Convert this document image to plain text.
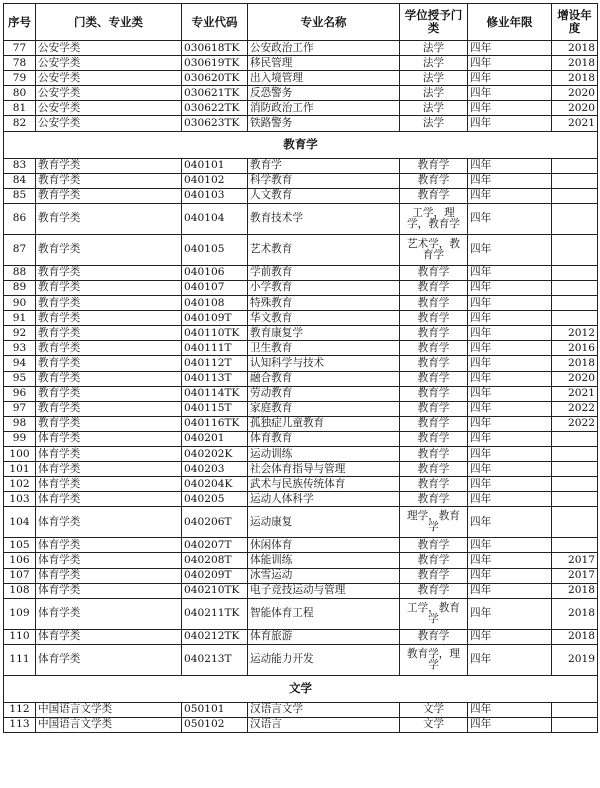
序号	门类、专业类	专业代码	专业名称	学位授予门类	修业年限	增设年度
77	公安学类	030618TK	公安政治工作	法学	四年	2018
78	公安学类	030619TK	移民管理	法学	四年	2018
79	公安学类	030620TK	出入境管理	法学	四年	2018
80	公安学类	030621TK	反恐警务	法学	四年	2020
81	公安学类	030622TK	消防政治工作	法学	四年	2020
82	公安学类	030623TK	铁路警务	法学	四年	2021
教育学						
83	教育学类	040101	教育学	教育学	四年	
84	教育学类	040102	科学教育	教育学	四年	
85	教育学类	040103	人文教育	教育学	四年	
86	教育学类	040104	教育技术学	工学，理学，教育学	四年	
87	教育学类	040105	艺术教育	艺术学，教育学	四年	
88	教育学类	040106	学前教育	教育学	四年	
89	教育学类	040107	小学教育	教育学	四年	
90	教育学类	040108	特殊教育	教育学	四年	
91	教育学类	040109T	华文教育	教育学	四年	
92	教育学类	040110TK	教育康复学	教育学	四年	2012
93	教育学类	040111T	卫生教育	教育学	四年	2016
94	教育学类	040112T	认知科学与技术	教育学	四年	2018
95	教育学类	040113T	融合教育	教育学	四年	2020
96	教育学类	040114TK	劳动教育	教育学	四年	2021
97	教育学类	040115T	家庭教育	教育学	四年	2022
98	教育学类	040116TK	孤独症儿童教育	教育学	四年	2022
99	体育学类	040201	体育教育	教育学	四年	
100	体育学类	040202K	运动训练	教育学	四年	
101	体育学类	040203	社会体育指导与管理	教育学	四年	
102	体育学类	040204K	武术与民族传统体育	教育学	四年	
103	体育学类	040205	运动人体科学	教育学	四年	
104	体育学类	040206T	运动康复	理学，教育学	四年	
105	体育学类	040207T	休闲体育	教育学	四年	
106	体育学类	040208T	体能训练	教育学	四年	2017
107	体育学类	040209T	冰雪运动	教育学	四年	2017
108	体育学类	040210TK	电子竞技运动与管理	教育学	四年	2018
109	体育学类	040211TK	智能体育工程	工学，教育学	四年	2018
110	体育学类	040212TK	体育旅游	教育学	四年	2018
111	体育学类	040213T	运动能力开发	教育学，理学	四年	2019
文学						
112	中国语言文学类	050101	汉语言文学	文学	四年	
113	中国语言文学类	050102	汉语言	文学	四年	
